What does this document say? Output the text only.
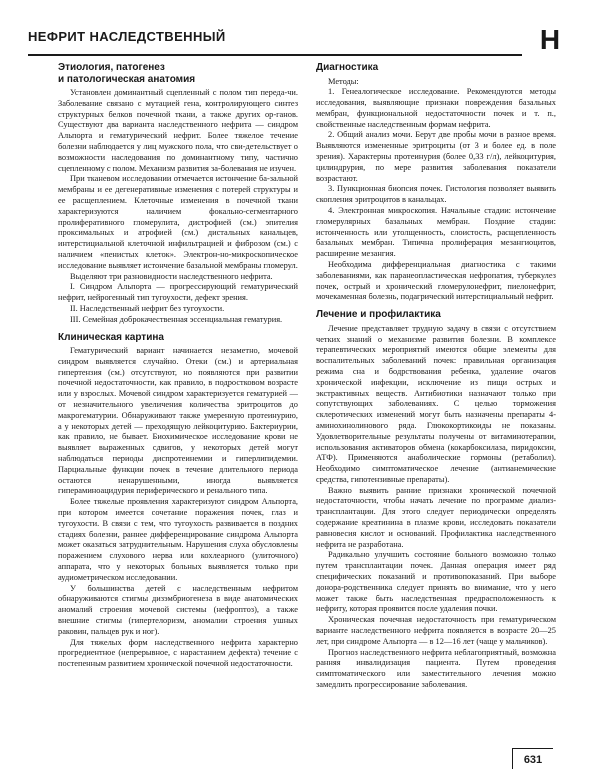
НЕФРИТ НАСЛЕДСТВЕННЫЙ	Н
Этиология, патогенез
и патологическая анатомия

Установлен доминантный сцепленный с полом тип переда-чи. Заболевание связано с мутацией гена, контролирующего синтез структурных белков почечной ткани, а также других ор-ганов. Существуют два варианта наследственного нефрита — синдром Альпорта и гематурический нефрит. Более тяжелое течение болезни наблюдается у лиц мужского пола, что сви-детельствует о возможности наследования по доминантному типу, частично сцепленному с полом. Механизм развития за-болевания не изучен.

При тканевом исследовании отмечается истончение ба-зальной мембраны и ее дегенеративные изменения с потерей структуры и ее расщеплением. Клеточные изменения в почечной ткани характеризуются наличием фокально-сегментарного пролиферативного гломерулита, дистрофией (см.) эпителия проксимальных и атрофией (см.) дистальных канальцев, интерстициальной клеточной инфильтрацией и фиброзом (см.) с наличием «пенистых клеток». Электрон-но-микроскопическое исследование выявляет истончение базальной мембраны гломерул.

Выделяют три разновидности наследственного нефрита.

I. Синдром Альпорта — прогрессирующий гематурический нефрит, нейрогенный тип тугоухости, дефект зрения.

II. Наследственный нефрит без тугоухости.

III. Семейная доброкачественная эссенциальная гематурия.

Клиническая картина

Гематурический вариант начинается незаметно, мочевой синдром выявляется случайно. Отеки (см.) и артериальная гипертензия (см.) отсутствуют, но появляются при развитии почечной недостаточности, как правило, в подростковом возрасте или у взрослых. Мочевой синдром характеризуется гематурией — от незначительного увеличения количества эритроцитов до макрогематурии. Обнаруживают также умеренную протеинурию, а у некоторых детей — преходящую лейкоцитурию. Бактериурии, как правило, не бывает. Биохимическое исследование крови не выявляет выраженных сдвигов, у некоторых детей могут наблюдаться периоды диспротеинемии и гиперлипидемии. Парциальные функции почек в течение длительного периода остаются ненарушенными, иногда выявляется гипераминоацидурия периферического и ренального типа.

Более тяжелые проявления характеризуют синдром Альпорта, при котором имеется сочетание поражения почек, глаз и тугоухости. В связи с тем, что тугоухость развивается в поздних стадиях болезни, раннее дифференцирование синдрома Альпорта может оказаться затруднительным. Нарушения слуха обусловлены поражением слухового нерва или кохлеарного (улиточного) аппарата, что у некоторых больных выявляется только при аудиометрическом исследовании.

У большинства детей с наследственным нефритом обнаруживаются стигмы дизэмбриогенеза в виде анатомических аномалий строения мочевой системы (нефроптоз), а также внешние стигмы (гипертелоризм, аномалии строения ушных раковин, пальцев рук и ног).

Для тяжелых форм наследственного нефрита характерно прогредиентное (непрерывное, с нарастанием дефекта) течение с постепенным развитием хронической почечной недостаточности.

Диагностика

Методы:

1. Генеалогическое исследование. Рекомендуются методы исследования, выявляющие признаки повреждения базальных мембран, функциональной недостаточности почек и т. п., свойственные наследственным формам нефрита.

2. Общий анализ мочи. Берут две пробы мочи в разное время. Выявляются измененные эритроциты (от 3 и более ед. в поле зрения). Характерны протеинурия (более 0,33 г/л), лейкоцитурия, цилиндрурия, по мере развития заболевания показатели возрастают.

3. Пункционная биопсия почек. Гистология позволяет выявить скопления эритроцитов в канальцах.

4. Электронная микроскопия. Начальные стадии: истончение гломерулярных базальных мембран. Поздние стадии: истонченность или утолщенность, слоистость, расщепленность базальных мембран. Типична пролиферация мезангиоцитов, расширение мезангия.

Необходима дифференциальная диагностика с такими заболеваниями, как паранеопластическая нефропатия, туберкулез почек, острый и хронический гломерулонефрит, пиелонефрит, мочекаменная болезнь, подагрический интерстициальный нефрит.

Лечение и профилактика

Лечение представляет трудную задачу в связи с отсутствием четких знаний о механизме развития болезни. В комплексе терапевтических мероприятий имеются общие элементы для воспалительных заболеваний почек: правильная организация режима сна и бодрствования ребенка, удаление очагов хронической инфекции, исключение из пищи острых и экстрактивных веществ. Антибиотики назначают только при сопутствующих заболеваниях. С целью торможения склеротических изменений могут быть назначены препараты 4-аминохинолинового ряда. Глюкокортикоиды не показаны. Удовлетворительные результаты получены от витаминотерапии, использования активаторов обмена (кокарбоксилаза, пиридоксин, АТФ). Применяются анаболические гормоны (ретаболил). Необходимо симптоматическое лечение (антианемические средства, гипотензивные препараты).

Важно выявить ранние признаки хронической почечной недостаточности, чтобы начать лечение по программе диализ-трансплантации. Для этого следует периодически определять содержание креатинина в плазме крови, исследовать показатели равновесия кислот и оснований. Профилактика наследственного нефрита не разработана.

Радикально улучшить состояние больного возможно только путем трансплантации почек. Данная операция имеет ряд специфических показаний и противопоказаний. При выборе донора-родственника следует принять во внимание, что у него может также быть наследственная предрасположенность к нефриту, которая проявится после удаления почки.

Хроническая почечная недостаточность при гематурическом варианте наследственного нефрита появляется в возрасте 20—25 лет, при синдроме Альпорта — в 12—16 лет (чаще у мальчиков).

Прогноз наследственного нефрита неблагоприятный, возможна ранняя инвалидизация пациента. Путем проведения симптоматического или заместительного лечения можно замедлить прогрессирование заболевания.

631
